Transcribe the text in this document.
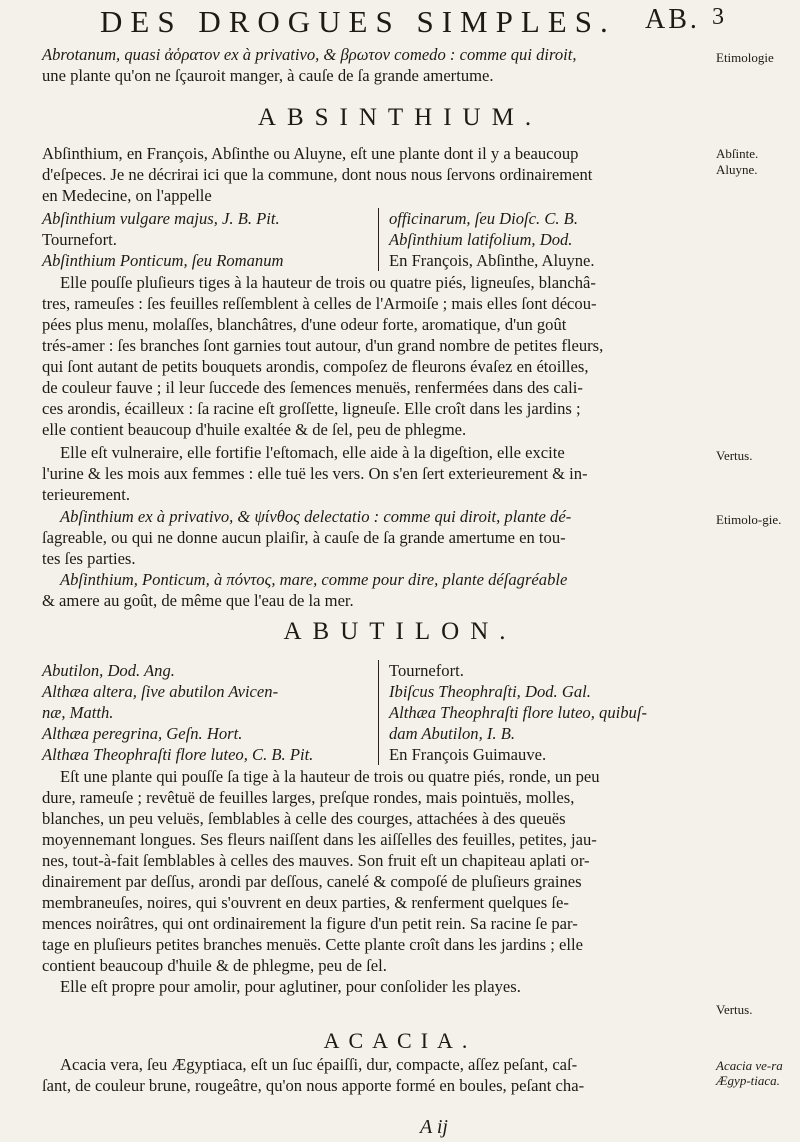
DES DROGUES SIMPLES. AB. 3
Abrotanum, quasi ἀὁρατον ex à privativo, & βρωτον comedo : comme qui diroit,
une plante qu'on ne ſçauroit manger, à cauſe de ſa grande amertume.
Etimologie
ABSINTHIUM.
Abſinthium, en François, Abſinthe ou Aluyne, eſt une plante dont il y a beaucoup
d'eſpeces. Je ne décrirai ici que la commune, dont nous nous ſervons ordinairement
en Medecine, on l'appelle
Abſinte.
Aluyne.
Abſinthium vulgare majus, J. B. Pit.
Tournefort.
Abſinthium Ponticum, ſeu Romanum
officinarum, ſeu Dioſc. C. B.
Abſinthium latifolium, Dod.
En François, Abſinthe, Aluyne.
Elle pouſſe pluſieurs tiges à la hauteur de trois ou quatre piés, ligneuſes, blanchâ-
tres, rameuſes : ſes feuilles reſſemblent à celles de l'Armoiſe ; mais elles ſont décou-
pées plus menu, molaſſes, blanchâtres, d'une odeur forte, aromatique, d'un goût
trés-amer : ſes branches ſont garnies tout autour, d'un grand nombre de petites fleurs,
qui ſont autant de petits bouquets arondis, compoſez de fleurons évaſez en étoilles,
de couleur fauve ; il leur ſuccede des ſemences menuës, renfermées dans des cali-
ces arondis, écailleux : ſa racine eſt groſſette, ligneuſe. Elle croît dans les jardins ;
elle contient beaucoup d'huile exaltée & de ſel, peu de phlegme.
Elle eſt vulneraire, elle fortifie l'eſtomach, elle aide à la digeſtion, elle excite
l'urine & les mois aux femmes : elle tuë les vers. On s'en ſert exterieurement & in-
terieurement.
Vertus.
Abſinthium ex à privativo, & ψίνθος delectatio : comme qui diroit, plante dé-
ſagreable, ou qui ne donne aucun plaiſir, à cauſe de ſa grande amertume en tou-
tes ſes parties.
Abſinthium, Ponticum, à πόντος, mare, comme pour dire, plante déſagréable
& amere au goût, de même que l'eau de la mer.
Etimolo-gie.
ABUTILON.
Abutilon, Dod. Ang.
Althæa altera, ſive abutilon Avicen-
næ, Matth.
Althæa peregrina, Geſn. Hort.
Althæa Theophraſti flore luteo, C. B. Pit.
Tournefort.
Ibiſcus Theophraſti, Dod. Gal.
Althæa Theophraſti flore luteo, quibuſ-
dam Abutilon, I. B.
En François Guimauve.
Eſt une plante qui pouſſe ſa tige à la hauteur de trois ou quatre piés, ronde, un peu
dure, rameuſe ; revêtuë de feuilles larges, preſque rondes, mais pointuës, molles,
blanches, un peu veluës, ſemblables à celle des courges, attachées à des queuës
moyennemant longues. Ses fleurs naiſſent dans les aiſſelles des feuilles, petites, jau-
nes, tout-à-fait ſemblables à celles des mauves. Son fruit eſt un chapiteau aplati or-
dinairement par deſſus, arondi par deſſous, canelé & compoſé de pluſieurs graines
membraneuſes, noires, qui s'ouvrent en deux parties, & renferment quelques ſe-
mences noirâtres, qui ont ordinairement la figure d'un petit rein. Sa racine ſe par-
tage en pluſieurs petites branches menuës. Cette plante croît dans les jardins ; elle
contient beaucoup d'huile & de phlegme, peu de ſel.
Elle eſt propre pour amolir, pour aglutiner, pour conſolider les playes.
Vertus.
ACACIA.
Acacia vera, ſeu Ægyptiaca, eſt un ſuc épaiſſi, dur, compacte, aſſez peſant, caſ-
ſant, de couleur brune, rougeâtre, qu'on nous apporte formé en boules, peſant cha-
Acacia ve-ra Ægyp-tiaca.
A ij
